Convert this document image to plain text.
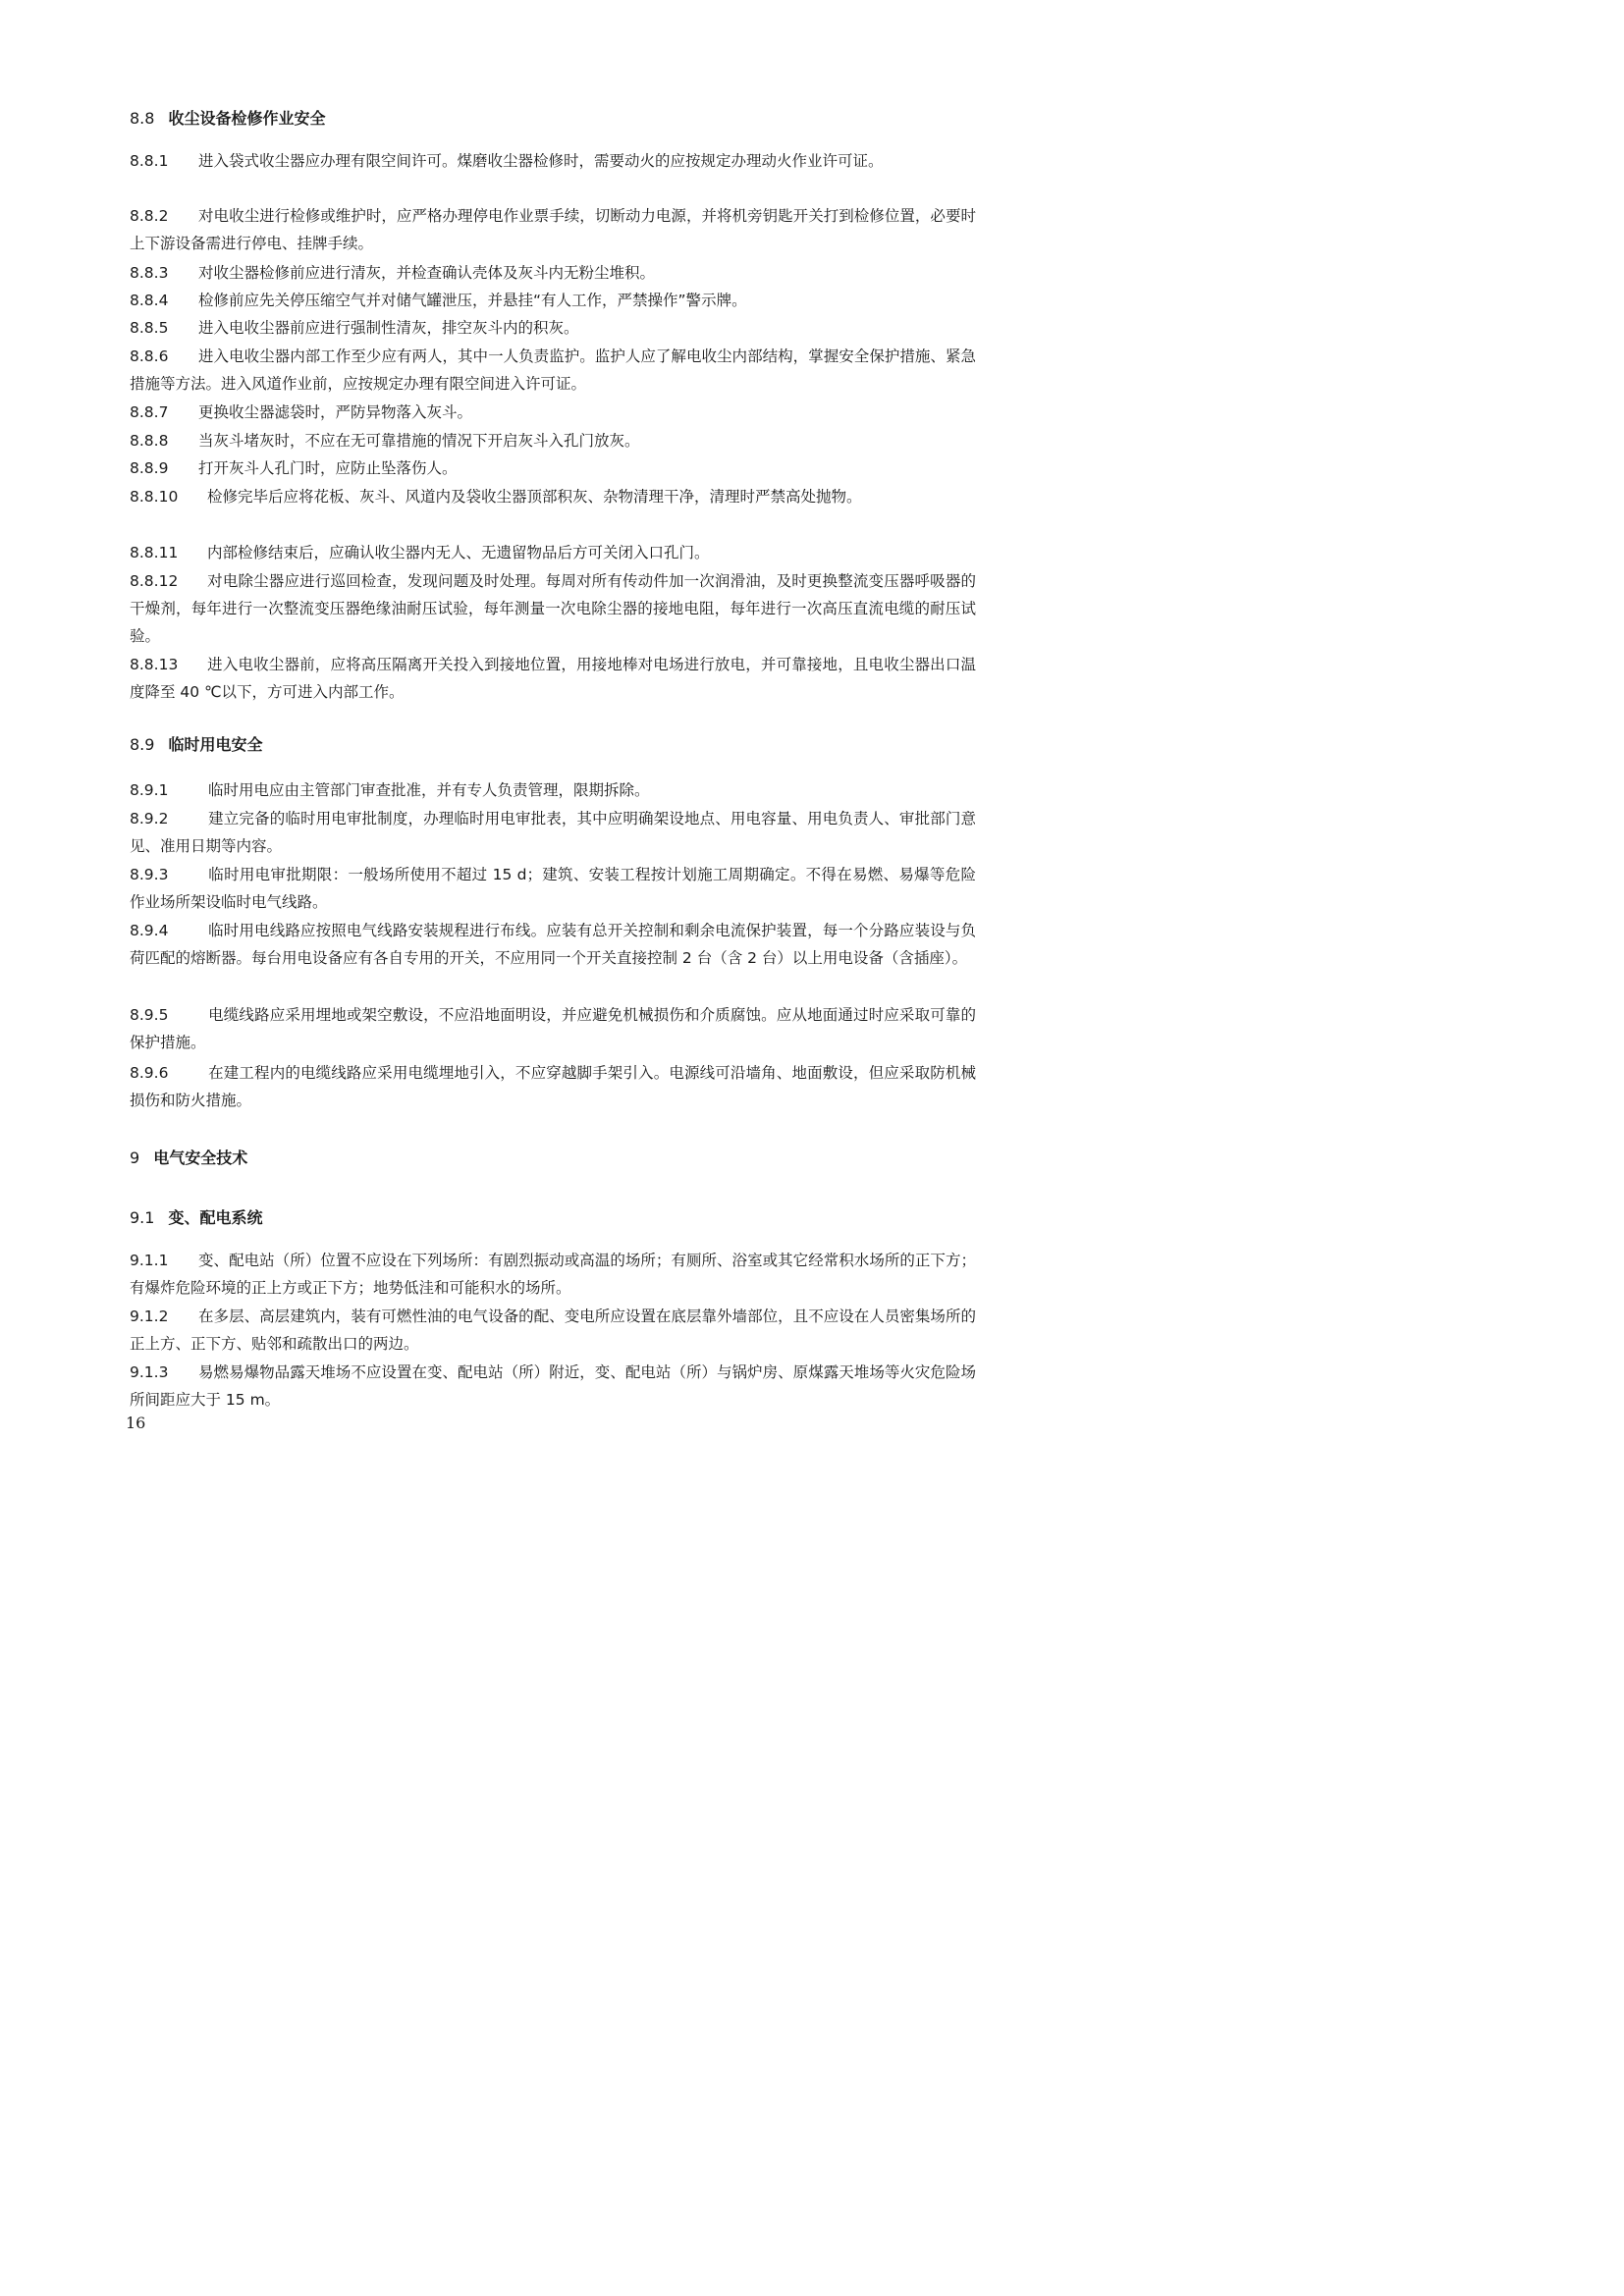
8.8 收尘设备检修作业安全
8.8.1 进入袋式收尘器应办理有限空间许可。煤磨收尘器检修时，需要动火的应按规定办理动火作业许可证。
8.8.2 对电收尘进行检修或维护时，应严格办理停电作业票手续，切断动力电源，并将机旁钥匙开关打到检修位置，必要时上下游设备需进行停电、挂牌手续。
8.8.3 对收尘器检修前应进行清灰，并检查确认壳体及灰斗内无粉尘堆积。
8.8.4 检修前应先关停压缩空气并对储气罐泄压，并悬挂“有人工作，严禁操作”警示牌。
8.8.5 进入电收尘器前应进行强制性清灰，排空灰斗内的积灰。
8.8.6 进入电收尘器内部工作至少应有两人，其中一人负责监护。监护人应了解电收尘内部结构，掌握安全保护措施、紧急措施等方法。进入风道作业前，应按规定办理有限空间进入许可证。
8.8.7 更换收尘器滤袋时，严防异物落入灰斗。
8.8.8 当灰斗堵灰时，不应在无可靠措施的情况下开启灰斗入孔门放灰。
8.8.9 打开灰斗人孔门时，应防止坠落伤人。
8.8.10 检修完毕后应将花板、灰斗、风道内及袋收尘器顶部积灰、杂物清理干净，清理时严禁高处抛物。
8.8.11 内部检修结束后，应确认收尘器内无人、无遗留物品后方可关闭入口孔门。
8.8.12 对电除尘器应进行巡回检查，发现问题及时处理。每周对所有传动件加一次润滑油，及时更换整流变压器呼吸器的干燥剂，每年进行一次整流变压器绝缘油耐压试验，每年测量一次电除尘器的接地电阻，每年进行一次高压直流电缆的耐压试验。
8.8.13 进入电收尘器前，应将高压隔离开关投入到接地位置，用接地棒对电场进行放电，并可靠接地，且电收尘器出口温度降至 40 ℃以下，方可进入内部工作。
8.9 临时用电安全
8.9.1	临时用电应由主管部门审查批准，并有专人负责管理，限期拆除。
8.9.2	建立完备的临时用电审批制度，办理临时用电审批表，其中应明确架设地点、用电容量、用电负责人、审批部门意见、准用日期等内容。
8.9.3	临时用电审批期限：一般场所使用不超过 15 d；建筑、安装工程按计划施工周期确定。不得在易燃、易爆等危险作业场所架设临时电气线路。
8.9.4	临时用电线路应按照电气线路安装规程进行布线。应装有总开关控制和剩余电流保护装置，每一个分路应装设与负荷匹配的熔断器。每台用电设备应有各自专用的开关，不应用同一个开关直接控制 2 台（含 2 台）以上用电设备（含插座）。
8.9.5	电缆线路应采用埋地或架空敷设，不应沿地面明设，并应避免机械损伤和介质腐蚀。应从地面通过时应采取可靠的保护措施。
8.9.6	在建工程内的电缆线路应采用电缆埋地引入，不应穿越脚手架引入。电源线可沿墙角、地面敷设，但应采取防机械损伤和防火措施。
9 电气安全技术
9.1 变、配电系统
9.1.1 变、配电站（所）位置不应设在下列场所：有剧烈振动或高温的场所；有厕所、浴室或其它经常积水场所的正下方；有爆炸危险环境的正上方或正下方；地势低洼和可能积水的场所。
9.1.2 在多层、高层建筑内，装有可燃性油的电气设备的配、变电所应设置在底层靠外墙部位，且不应设在人员密集场所的正上方、正下方、贴邻和疏散出口的两边。
9.1.3 易燃易爆物品露天堆场不应设置在变、配电站（所）附近，变、配电站（所）与锅炉房、原煤露天堆场等火灾危险场所间距应大于 15 m。
16
